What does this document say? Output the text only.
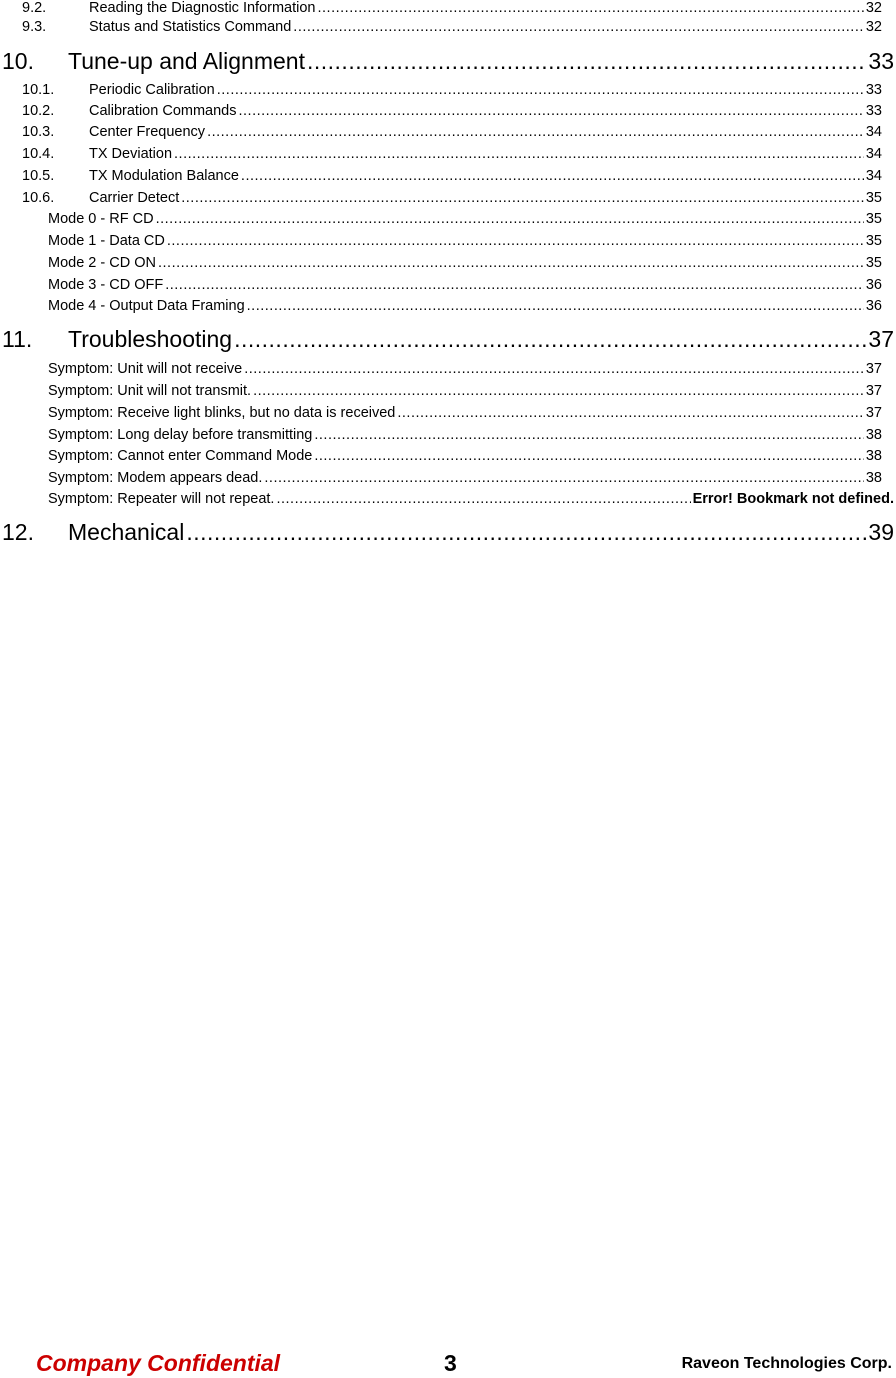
9.2.	Reading the Diagnostic Information .....	32
9.3.	Status and Statistics Command .....	32
10.	Tune-up and Alignment .....	33
10.1.	Periodic Calibration .....	33
10.2.	Calibration Commands .....	33
10.3.	Center Frequency .....	34
10.4.	TX Deviation .....	34
10.5.	TX Modulation Balance .....	34
10.6.	Carrier Detect .....	35
Mode 0 - RF CD .....	35
Mode 1 - Data CD .....	35
Mode 2 - CD ON .....	35
Mode 3 - CD OFF .....	36
Mode 4 - Output Data Framing .....	36
11.	Troubleshooting .....	37
Symptom: Unit will not receive .....	37
Symptom: Unit will not transmit. .....	37
Symptom: Receive light blinks, but no data is received .....	37
Symptom: Long delay before transmitting .....	38
Symptom: Cannot enter Command Mode .....	38
Symptom: Modem appears dead. .....	38
Symptom: Repeater will not repeat. .....	Error! Bookmark not defined.
12.	Mechanical .....	39
Company Confidential	3	Raveon Technologies Corp.
